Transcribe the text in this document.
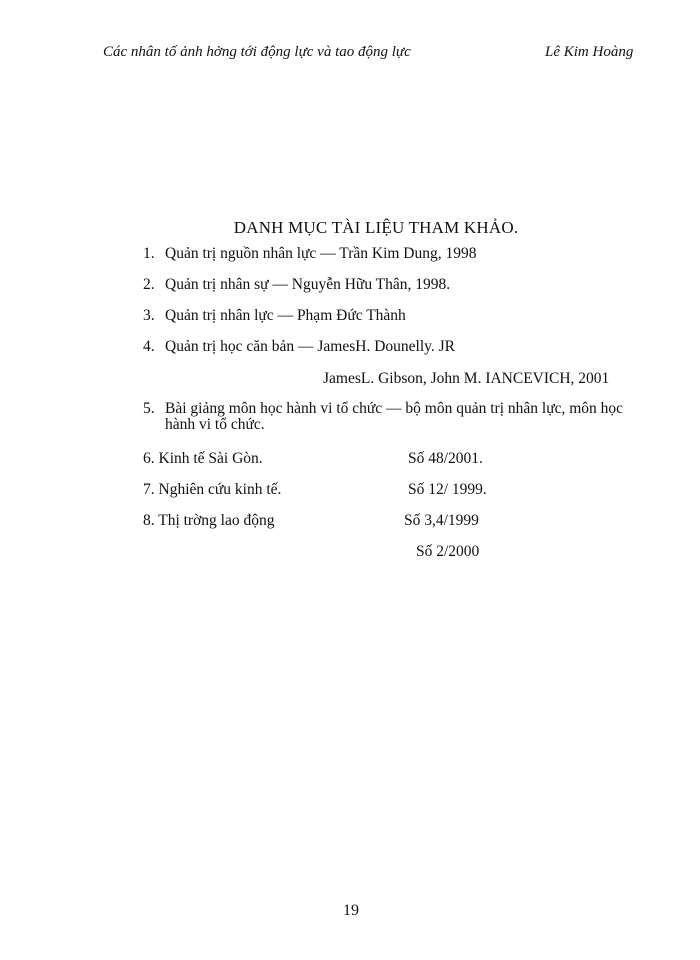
Các nhân tố ảnh hởng tới động lực và tao động lực	Lê Kim Hoàng
DANH MỤC TÀI LIỆU THAM KHẢO.
1. Quản trị nguồn nhân lực — Trần Kim Dung, 1998
2. Quản trị nhân sự — Nguyễn Hữu Thân, 1998.
3. Quản trị nhân lực — Phạm Đức Thành
4. Quản trị học căn bản — JamesH. Dounelly. JR
JamesL. Gibson, John M. IANCEVICH, 2001
5. Bài giảng môn học hành vi tổ chức — bộ môn quản trị nhân lực, môn học hành vi tổ chức.
6. Kinh tế Sài Gòn.	Số 48/2001.
7. Nghiên cứu kinh tế.	Số 12/ 1999.
8. Thị trờng lao động	Số 3,4/1999
Số 2/2000
19
